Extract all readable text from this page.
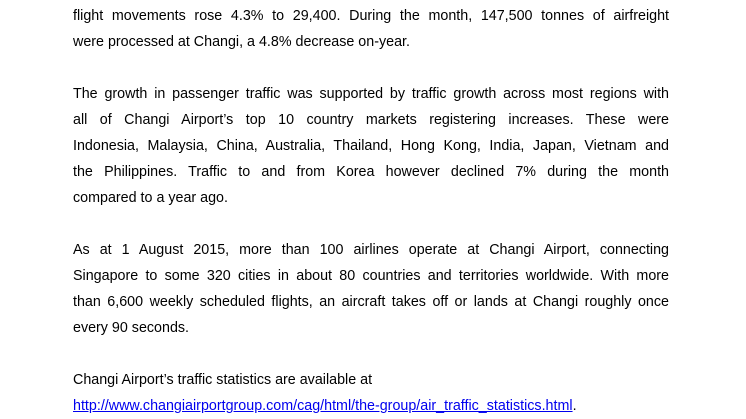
flight movements rose 4.3% to 29,400. During the month, 147,500 tonnes of airfreight
were processed at Changi, a 4.8% decrease on-year.
The growth in passenger traffic was supported by traffic growth across most regions with
all of Changi Airport’s top 10 country markets registering increases. These were
Indonesia, Malaysia, China, Australia, Thailand, Hong Kong, India, Japan, Vietnam and
the Philippines. Traffic to and from Korea however declined 7% during the month
compared to a year ago.
As at 1 August 2015, more than 100 airlines operate at Changi Airport, connecting
Singapore to some 320 cities in about 80 countries and territories worldwide. With more
than 6,600 weekly scheduled flights, an aircraft takes off or lands at Changi roughly once
every 90 seconds.
Changi Airport’s traffic statistics are available at
http://www.changiairportgroup.com/cag/html/the-group/air_traffic_statistics.html.
